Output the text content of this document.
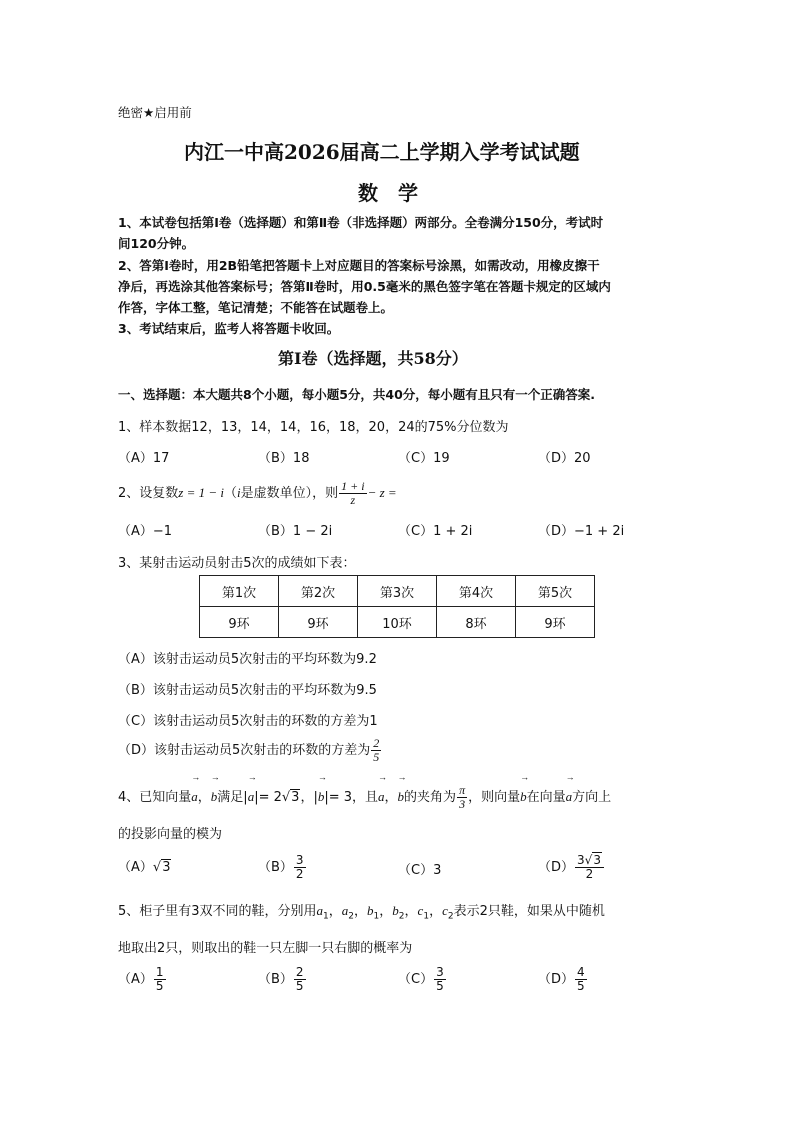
绝密★启用前
内江一中高2026届高二上学期入学考试试题
数　学
1、本试卷包括第Ⅰ卷（选择题）和第Ⅱ卷（非选择题）两部分。全卷满分150分，考试时
间120分钟。
2、答第Ⅰ卷时，用2B铅笔把答题卡上对应题目的答案标号涂黑，如需改动，用橡皮擦干
净后，再选涂其他答案标号；答第Ⅱ卷时，用0.5毫米的黑色签字笔在答题卡规定的区域内
作答，字体工整，笔记清楚；不能答在试题卷上。
3、考试结束后，监考人将答题卡收回。
第Ⅰ卷（选择题，共58分）
一、选择题：本大题共8个小题，每小题5分，共40分，每小题有且只有一个正确答案.
1、样本数据12，13，14，14，16，18，20，24的75%分位数为
（A）17	（B）18	（C）19	（D）20
2、设复数z = 1 − i（i是虚数单位），则 $\frac{1 + i}{z} - z$ =
（A）−1	（B）1 − 2i	（C）1 + 2i	（D）−1 + 2i
3、某射击运动员射击5次的成绩如下表：
第1次	第2次	第3次	第4次	第5次
9环	9环	10环	8环	9环
（A）该射击运动员5次射击的平均环数为9.2
（B）该射击运动员5次射击的平均环数为9.5
（C）该射击运动员5次射击的环数的方差为1
（D）该射击运动员5次射击的环数的方差为 $\frac{2}{5}$
4、已知向量a
→
，b
→
满足|a
→
|= 2√3，|b
→
|= 3，且a
→
，b
→
的夹角为 $\frac{\pi}{3}$ ，则向量b
→
在向量a
→
方向上
的投影向量的模为
（A）√3	$(B) \frac{3}{2}$	（C）3	$(D) \frac{3√3}{2}$
5、柜子里有3双不同的鞋，分别用$a_1$，$a_2$，$b_1$，$b_2$，$c_1$，$c_2$表示2只鞋，如果从中随机
地取出2只，则取出的鞋一只左脚一只右脚的概率为
$(A) \frac{1}{5}$	$(B) \frac{2}{5}$	$(C) \frac{3}{5}$	$(D) \frac{4}{5}$
